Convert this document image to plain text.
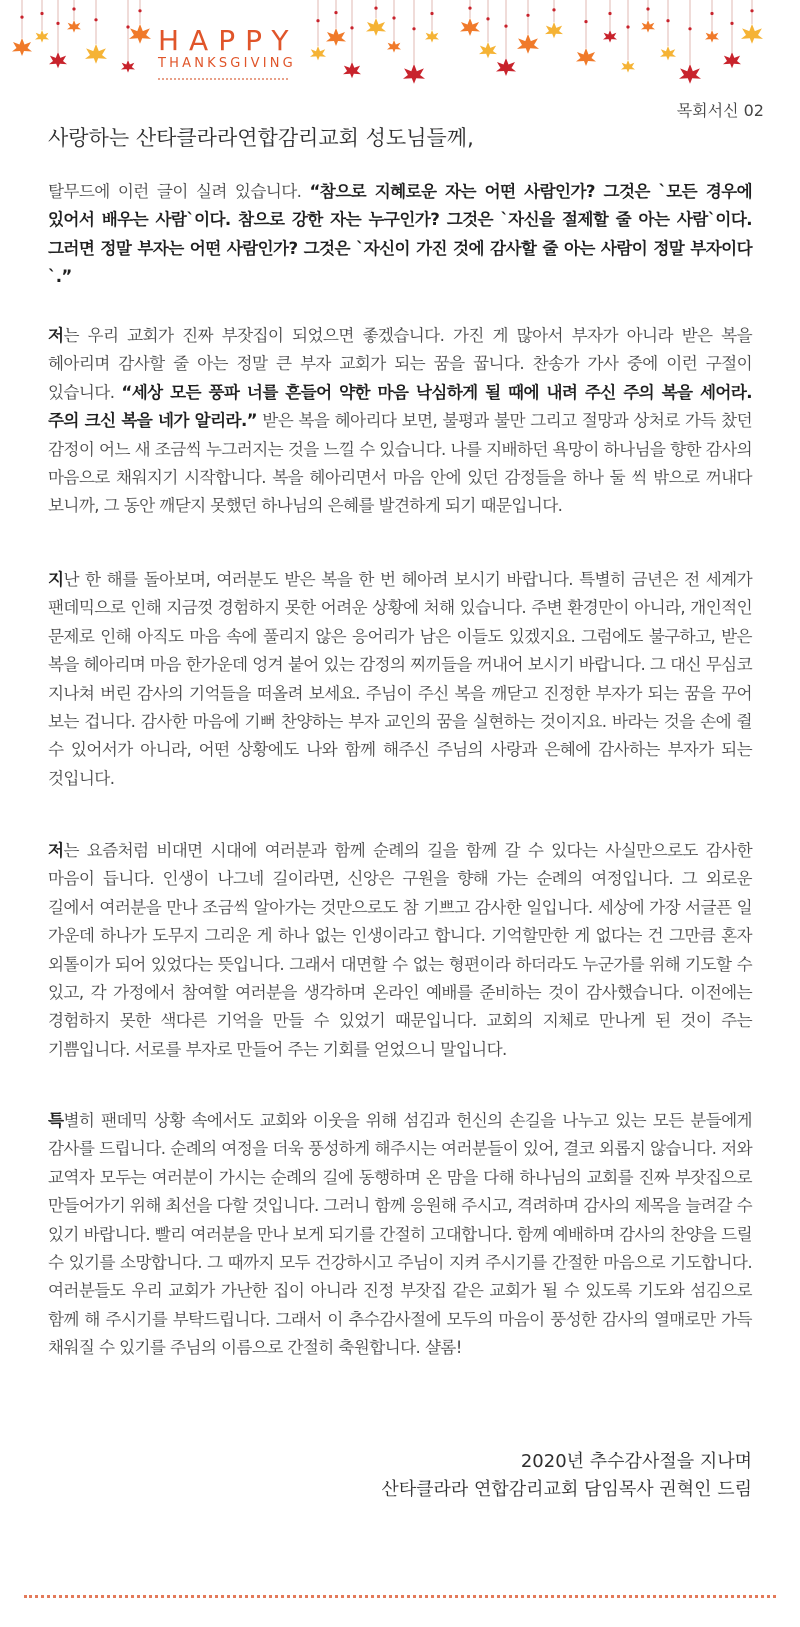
HAPPY
THANKSGIVING
목회서신 02
사랑하는 산타클라라연합감리교회 성도님들께,
탈무드에 이런 글이 실려 있습니다. “참으로 지혜로운 자는 어떤 사람인가? 그것은 `모든 경우에 있어서 배우는 사람`이다. 참으로 강한 자는 누구인가? 그것은 `자신을 절제할 줄 아는 사람`이다. 그러면 정말 부자는 어떤 사람인가? 그것은 `자신이 가진 것에 감사할 줄 아는 사람이 정말 부자이다`.”
저는 우리 교회가 진짜 부잣집이 되었으면 좋겠습니다. 가진 게 많아서 부자가 아니라 받은 복을 헤아리며 감사할 줄 아는 정말 큰 부자 교회가 되는 꿈을 꿉니다. 찬송가 가사 중에 이런 구절이 있습니다. “세상 모든 풍파 너를 흔들어 약한 마음 낙심하게 될 때에 내려 주신 주의 복을 세어라. 주의 크신 복을 네가 알리라.” 받은 복을 헤아리다 보면, 불평과 불만 그리고 절망과 상처로 가득 찼던 감정이 어느 새 조금씩 누그러지는 것을 느낄 수 있습니다. 나를 지배하던 욕망이 하나님을 향한 감사의 마음으로 채워지기 시작합니다. 복을 헤아리면서 마음 안에 있던 감정들을 하나 둘 씩 밖으로 꺼내다 보니까, 그 동안 깨닫지 못했던 하나님의 은혜를 발견하게 되기 때문입니다.
지난 한 해를 돌아보며, 여러분도 받은 복을 한 번 헤아려 보시기 바랍니다. 특별히 금년은 전 세계가 팬데믹으로 인해 지금껏 경험하지 못한 어려운 상황에 처해 있습니다. 주변 환경만이 아니라, 개인적인 문제로 인해 아직도 마음 속에 풀리지 않은 응어리가 남은 이들도 있겠지요. 그럼에도 불구하고, 받은 복을 헤아리며 마음 한가운데 엉겨 붙어 있는 감정의 찌끼들을 꺼내어 보시기 바랍니다. 그 대신 무심코 지나쳐 버린 감사의 기억들을 떠올려 보세요. 주님이 주신 복을 깨닫고 진정한 부자가 되는 꿈을 꾸어 보는 겁니다. 감사한 마음에 기뻐 찬양하는 부자 교인의 꿈을 실현하는 것이지요. 바라는 것을 손에 쥘 수 있어서가 아니라, 어떤 상황에도 나와 함께 해주신 주님의 사랑과 은혜에 감사하는 부자가 되는 것입니다.
저는 요즘처럼 비대면 시대에 여러분과 함께 순례의 길을 함께 갈 수 있다는 사실만으로도 감사한 마음이 듭니다. 인생이 나그네 길이라면, 신앙은 구원을 향해 가는 순례의 여정입니다. 그 외로운 길에서 여러분을 만나 조금씩 알아가는 것만으로도 참 기쁘고 감사한 일입니다. 세상에 가장 서글픈 일 가운데 하나가 도무지 그리운 게 하나 없는 인생이라고 합니다. 기억할만한 게 없다는 건 그만큼 혼자 외톨이가 되어 있었다는 뜻입니다. 그래서 대면할 수 없는 형편이라 하더라도 누군가를 위해 기도할 수 있고, 각 가정에서 참여할 여러분을 생각하며 온라인 예배를 준비하는 것이 감사했습니다. 이전에는 경험하지 못한 색다른 기억을 만들 수 있었기 때문입니다. 교회의 지체로 만나게 된 것이 주는 기쁨입니다. 서로를 부자로 만들어 주는 기회를 얻었으니 말입니다.
특별히 팬데믹 상황 속에서도 교회와 이웃을 위해 섬김과 헌신의 손길을 나누고 있는 모든 분들에게 감사를 드립니다. 순례의 여정을 더욱 풍성하게 해주시는 여러분들이 있어, 결코 외롭지 않습니다. 저와 교역자 모두는 여러분이 가시는 순례의 길에 동행하며 온 맘을 다해 하나님의 교회를 진짜 부잣집으로 만들어가기 위해 최선을 다할 것입니다. 그러니 함께 응원해 주시고, 격려하며 감사의 제목을 늘려갈 수 있기 바랍니다. 빨리 여러분을 만나 보게 되기를 간절히 고대합니다. 함께 예배하며 감사의 찬양을 드릴 수 있기를 소망합니다. 그 때까지 모두 건강하시고 주님이 지켜 주시기를 간절한 마음으로 기도합니다. 여러분들도 우리 교회가 가난한 집이 아니라 진정 부잣집 같은 교회가 될 수 있도록 기도와 섬김으로 함께 해 주시기를 부탁드립니다. 그래서 이 추수감사절에 모두의 마음이 풍성한 감사의 열매로만 가득 채워질 수 있기를 주님의 이름으로 간절히 축원합니다. 샬롬!
2020년 추수감사절을 지나며
산타클라라 연합감리교회 담임목사 권혁인 드림
